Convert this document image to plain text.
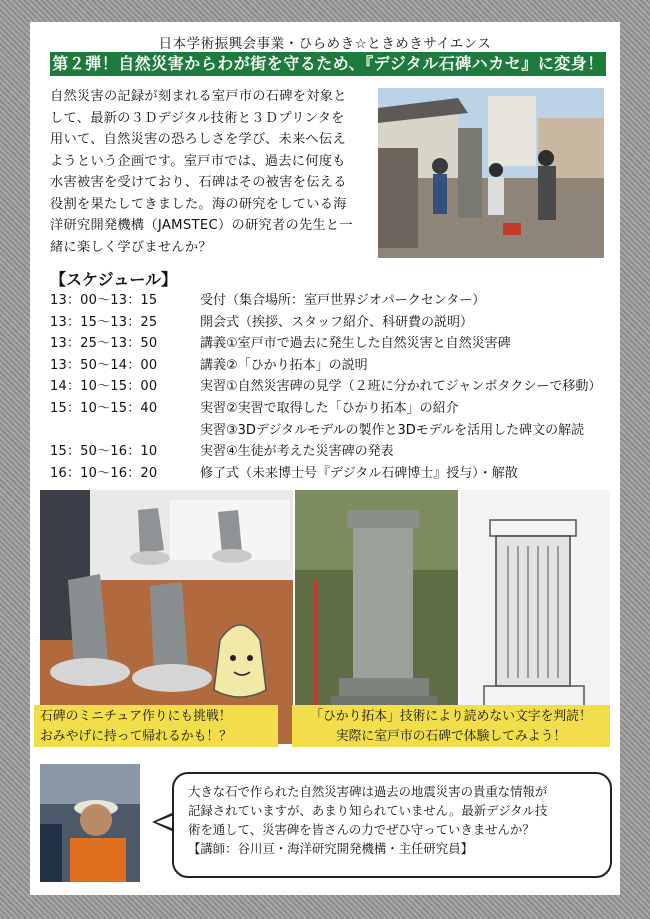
日本学術振興会事業・ひらめき☆ときめきサイエンス
第２弾！自然災害からわが街を守るため、『デジタル石碑ハカセ』に変身！
自然災害の記録が刻まれる室戸市の石碑を対象と
して、最新の３Ｄデジタル技術と３Ｄプリンタを
用いて、自然災害の恐ろしさを学び、未来へ伝え
ようという企画です。室戸市では、過去に何度も
水害被害を受けており、石碑はその被害を伝える
役割を果たしてきました。海の研究をしている海
洋研究開発機構（JAMSTEC）の研究者の先生と一
緒に楽しく学びませんか？
【スケジュール】
13：00～13：15	受付（集合場所：室戸世界ジオパークセンター）
13：15～13：25	開会式（挨拶、スタッフ紹介、科研費の説明）
13：25～13：50	講義①室戸市で過去に発生した自然災害と自然災害碑
13：50～14：00	講義②「ひかり拓本」の説明
14：10～15：00	実習①自然災害碑の見学（２班に分かれてジャンボタクシーで移動）
15：10～15：40	実習②実習で取得した「ひかり拓本」の紹介
実習③3Dデジタルモデルの製作と3Dモデルを活用した碑文の解読
15：50～16：10	実習④生徒が考えた災害碑の発表
16：10～16：20	修了式（未来博士号『デジタル石碑博士』授与）・解散
石碑のミニチュア作りにも挑戦！
おみやげに持って帰れるかも！？
「ひかり拓本」技術により読めない文字を判読！
実際に室戸市の石碑で体験してみよう！
大きな石で作られた自然災害碑は過去の地震災害の貴重な情報が
記録されていますが、あまり知られていません。最新デジタル技
術を通して、災害碑を皆さんの力でぜひ守っていきませんか？
【講師：谷川亘・海洋研究開発機構・主任研究員】
